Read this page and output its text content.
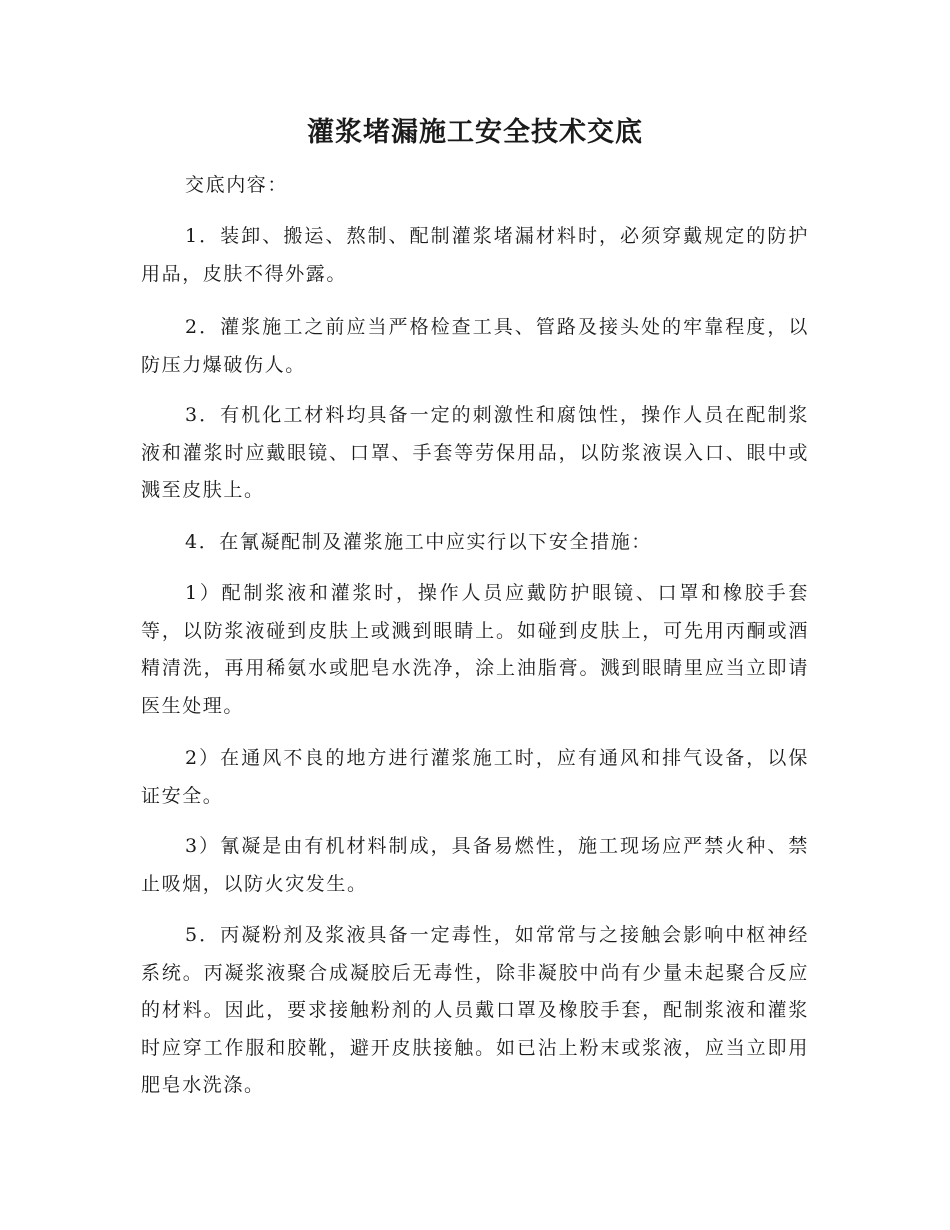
灌浆堵漏施工安全技术交底

交底内容：

1．装卸、搬运、熬制、配制灌浆堵漏材料时，必须穿戴规定的防护用品，皮肤不得外露。

2．灌浆施工之前应当严格检查工具、管路及接头处的牢靠程度，以防压力爆破伤人。

3．有机化工材料均具备一定的刺激性和腐蚀性，操作人员在配制浆液和灌浆时应戴眼镜、口罩、手套等劳保用品，以防浆液误入口、眼中或溅至皮肤上。

4．在氰凝配制及灌浆施工中应实行以下安全措施：

1）配制浆液和灌浆时，操作人员应戴防护眼镜、口罩和橡胶手套等，以防浆液碰到皮肤上或溅到眼睛上。如碰到皮肤上，可先用丙酮或酒精清洗，再用稀氨水或肥皂水洗净，涂上油脂膏。溅到眼睛里应当立即请医生处理。

2）在通风不良的地方进行灌浆施工时，应有通风和排气设备，以保证安全。

3）氰凝是由有机材料制成，具备易燃性，施工现场应严禁火种、禁止吸烟，以防火灾发生。

5．丙凝粉剂及浆液具备一定毒性，如常常与之接触会影响中枢神经系统。丙凝浆液聚合成凝胶后无毒性，除非凝胶中尚有少量未起聚合反应的材料。因此，要求接触粉剂的人员戴口罩及橡胶手套，配制浆液和灌浆时应穿工作服和胶靴，避开皮肤接触。如已沾上粉末或浆液，应当立即用肥皂水洗涤。
